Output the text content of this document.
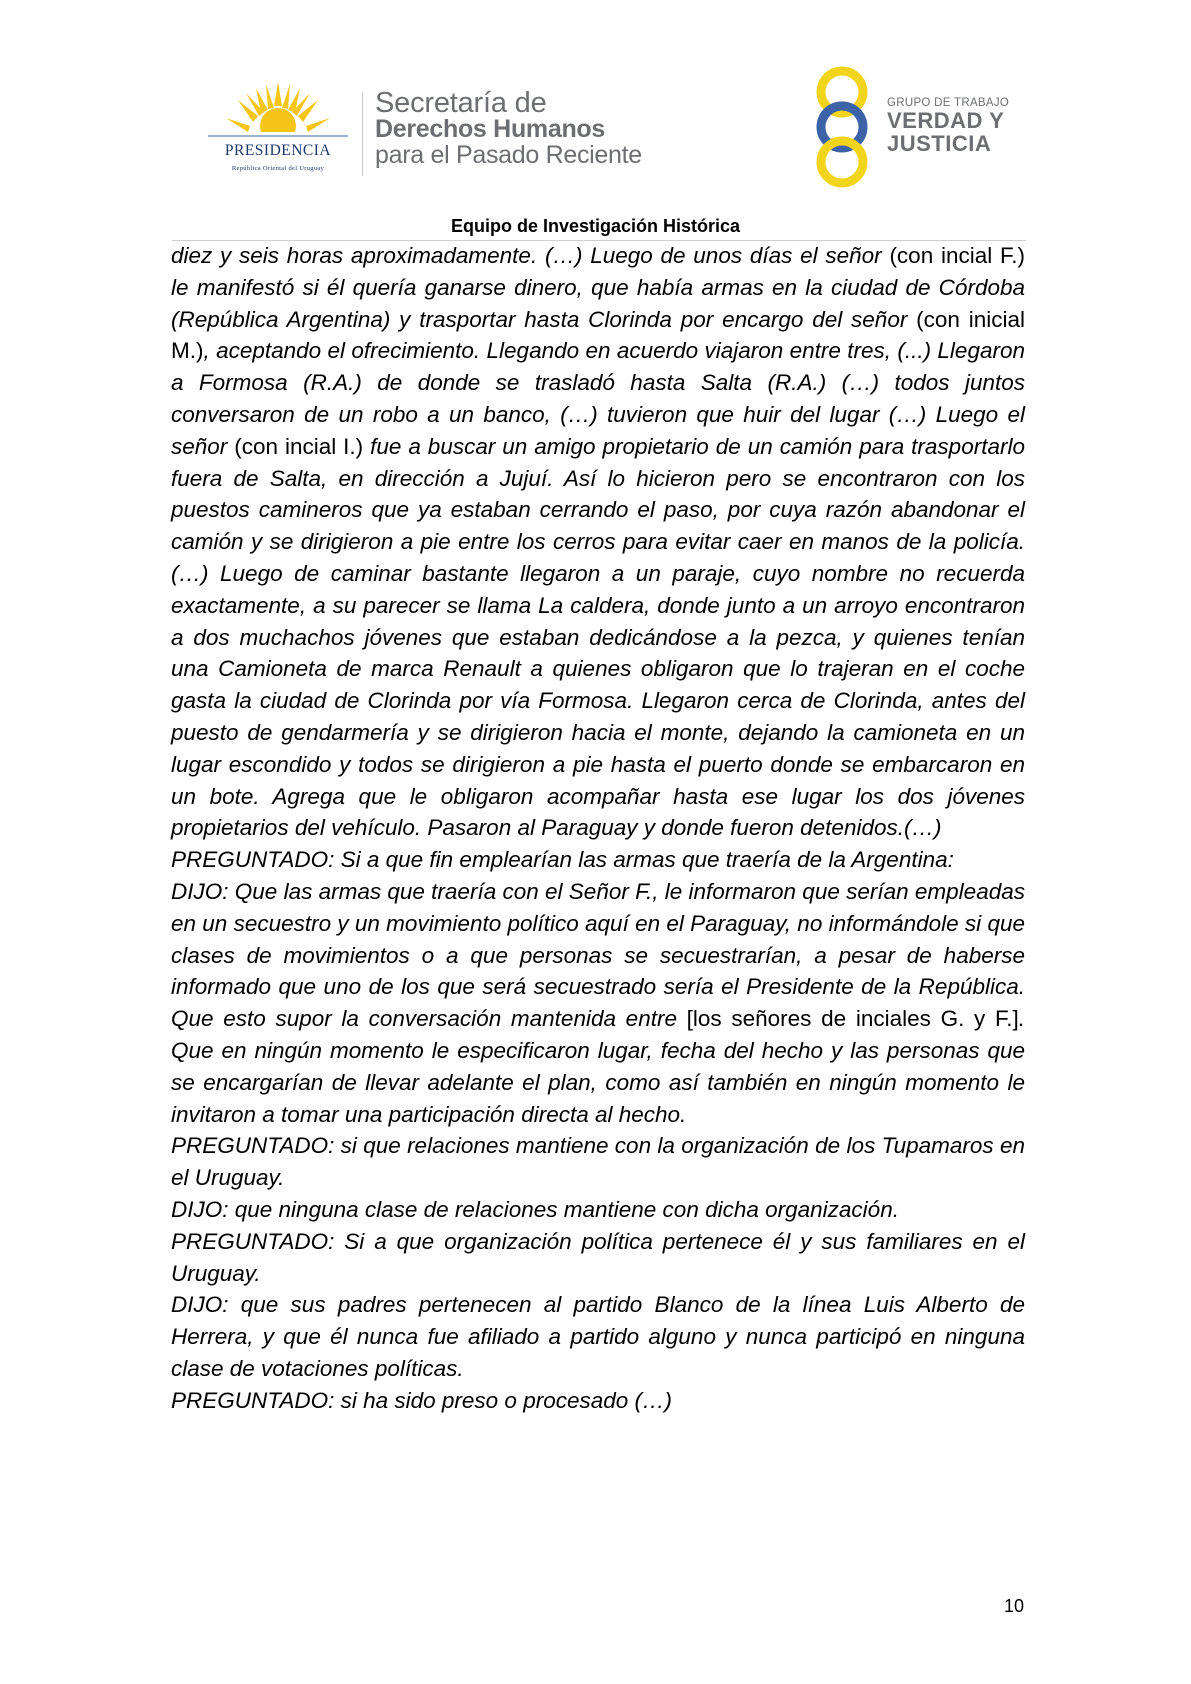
PRESIDENCIA
República Oriental del Uruguay
Secretaría de
Derechos Humanos
para el Pasado Reciente
GRUPO DE TRABAJO
VERDAD Y
JUSTICIA
Equipo de Investigación Histórica

diez y seis horas aproximadamente. (…) Luego de unos días el señor (con incial F.) le manifestó si él quería ganarse dinero, que había armas en la ciudad de Córdoba (República Argentina) y trasportar hasta Clorinda por encargo del señor (con inicial M.), aceptando el ofrecimiento. Llegando en acuerdo viajaron entre tres, (...) Llegaron a Formosa (R.A.) de donde se trasladó hasta Salta (R.A.) (…) todos juntos conversaron de un robo a un banco, (…) tuvieron que huir del lugar (…) Luego el señor (con incial I.) fue a buscar un amigo propietario de un camión para trasportarlo fuera de Salta, en dirección a Jujuí. Así lo hicieron pero se encontraron con los puestos camineros que ya estaban cerrando el paso, por cuya razón abandonar el camión y se dirigieron a pie entre los cerros para evitar caer en manos de la policía. (…) Luego de caminar bastante llegaron a un paraje, cuyo nombre no recuerda exactamente, a su parecer se llama La caldera, donde junto a un arroyo encontraron a dos muchachos jóvenes que estaban dedicándose a la pezca, y quienes tenían una Camioneta de marca Renault a quienes obligaron que lo trajeran en el coche gasta la ciudad de Clorinda por vía Formosa. Llegaron cerca de Clorinda, antes del puesto de gendarmería y se dirigieron hacia el monte, dejando la camioneta en un lugar escondido y todos se dirigieron a pie hasta el puerto donde se embarcaron en un bote. Agrega que le obligaron acompañar hasta ese lugar los dos jóvenes propietarios del vehículo. Pasaron al Paraguay y donde fueron detenidos.(…)

PREGUNTADO: Si a que fin emplearían las armas que traería de la Argentina:

DIJO: Que las armas que traería con el Señor F., le informaron que serían empleadas en un secuestro y un movimiento político aquí en el Paraguay, no informándole si que clases de movimientos o a que personas se secuestrarían, a pesar de haberse informado que uno de los que será secuestrado sería el Presidente de la República. Que esto supor la conversación mantenida entre [los señores de inciales G. y F.]. Que en ningún momento le especificaron lugar, fecha del hecho y las personas que se encargarían de llevar adelante el plan, como así también en ningún momento le invitaron a tomar una participación directa al hecho.

PREGUNTADO: si que relaciones mantiene con la organización de los Tupamaros en el Uruguay.

DIJO: que ninguna clase de relaciones mantiene con dicha organización.

PREGUNTADO: Si a que organización política pertenece él y sus familiares en el Uruguay.

DIJO: que sus padres pertenecen al partido Blanco de la línea Luis Alberto de Herrera, y que él nunca fue afiliado a partido alguno y nunca participó en ninguna clase de votaciones políticas.

PREGUNTADO: si ha sido preso o procesado (…)

10
